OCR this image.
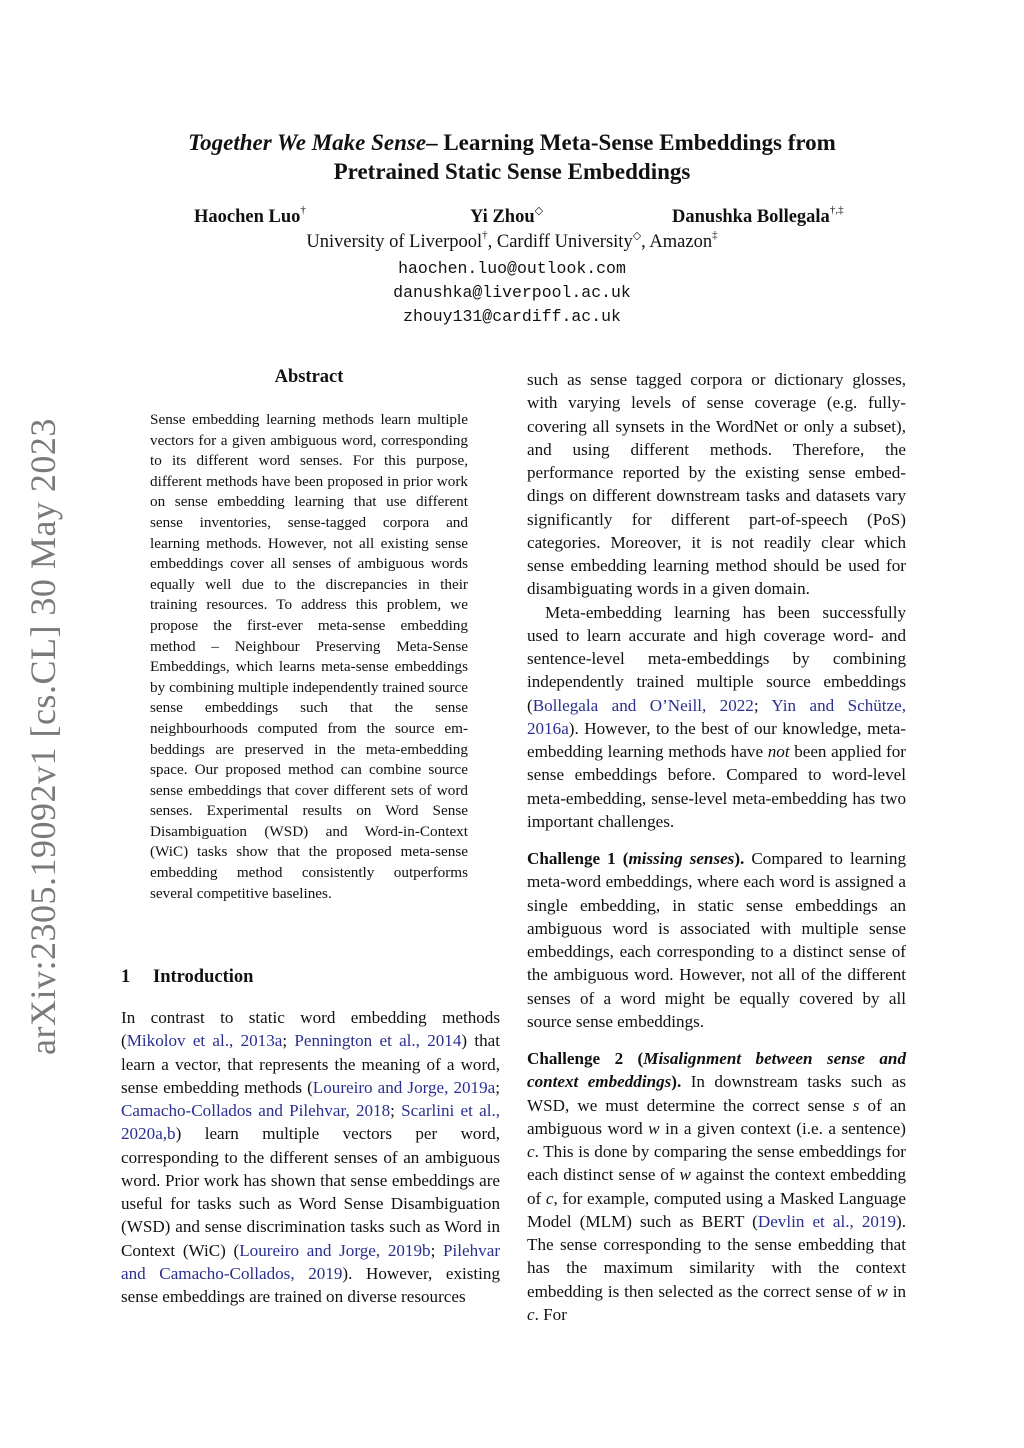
arXiv:2305.19092v1 [cs.CL] 30 May 2023
Together We Make Sense– Learning Meta-Sense Embeddings from
Pretrained Static Sense Embeddings
Haochen Luo†	Yi Zhou◇	Danushka Bollegala†,‡
University of Liverpool†, Cardiff University◇, Amazon‡
haochen.luo@outlook.com
danushka@liverpool.ac.uk
zhouy131@cardiff.ac.uk
Abstract
Sense embedding learning methods learn multiple vectors for a given ambiguous word, corresponding to its different word senses. For this purpose, different methods have been proposed in prior work on sense embedding learning that use different sense inventories, sense-tagged corpora and learning methods. However, not all existing sense embeddings cover all senses of ambiguous words equally well due to the discrepancies in their training resources. To address this problem, we propose the first-ever meta-sense embedding method – Neighbour Preserving Meta-Sense Embeddings, which learns meta-sense embeddings by combining multiple independently trained source sense embeddings such that the sense neighbourhoods computed from the source embeddings are preserved in the meta-embedding space. Our proposed method can combine source sense embeddings that cover different sets of word senses. Experimental results on Word Sense Disambiguation (WSD) and Word-in-Context (WiC) tasks show that the proposed meta-sense embedding method consistently outperforms several competitive baselines.
1 Introduction

In contrast to static word embedding methods (Mikolov et al., 2013a; Pennington et al., 2014) that learn a vector, that represents the meaning of a word, sense embedding methods (Loureiro and Jorge, 2019a; Camacho-Collados and Pilehvar, 2018; Scarlini et al., 2020a,b) learn multiple vectors per word, corresponding to the different senses of an ambiguous word. Prior work has shown that sense embeddings are useful for tasks such as Word Sense Disambiguation (WSD) and sense discrimination tasks such as Word in Context (WiC) (Loureiro and Jorge, 2019b; Pilehvar and Camacho-Collados, 2019). However, existing sense embeddings are trained on diverse resources

such as sense tagged corpora or dictionary glosses, with varying levels of sense coverage (e.g. fully-covering all synsets in the WordNet or only a subset), and using different methods. Therefore, the performance reported by the existing sense embeddings on different downstream tasks and datasets vary significantly for different part-of-speech (PoS) categories. Moreover, it is not readily clear which sense embedding learning method should be used for disambiguating words in a given domain.

Meta-embedding learning has been successfully used to learn accurate and high coverage word- and sentence-level meta-embeddings by combining independently trained multiple source embeddings (Bollegala and O’Neill, 2022; Yin and Schütze, 2016a). However, to the best of our knowledge, meta-embedding learning methods have not been applied for sense embeddings before. Compared to word-level meta-embedding, sense-level meta-embedding has two important challenges.

Challenge 1 (missing senses). Compared to learning meta-word embeddings, where each word is assigned a single embedding, in static sense embeddings an ambiguous word is associated with multiple sense embeddings, each corresponding to a distinct sense of the ambiguous word. However, not all of the different senses of a word might be equally covered by all source sense embeddings.

Challenge 2 (Misalignment between sense and context embeddings). In downstream tasks such as WSD, we must determine the correct sense s of an ambiguous word w in a given context (i.e. a sentence) c. This is done by comparing the sense embeddings for each distinct sense of w against the context embedding of c, for example, computed using a Masked Language Model (MLM) such as BERT (Devlin et al., 2019). The sense corresponding to the sense embedding that has the maximum similarity with the context embedding is then selected as the correct sense of w in c. For
